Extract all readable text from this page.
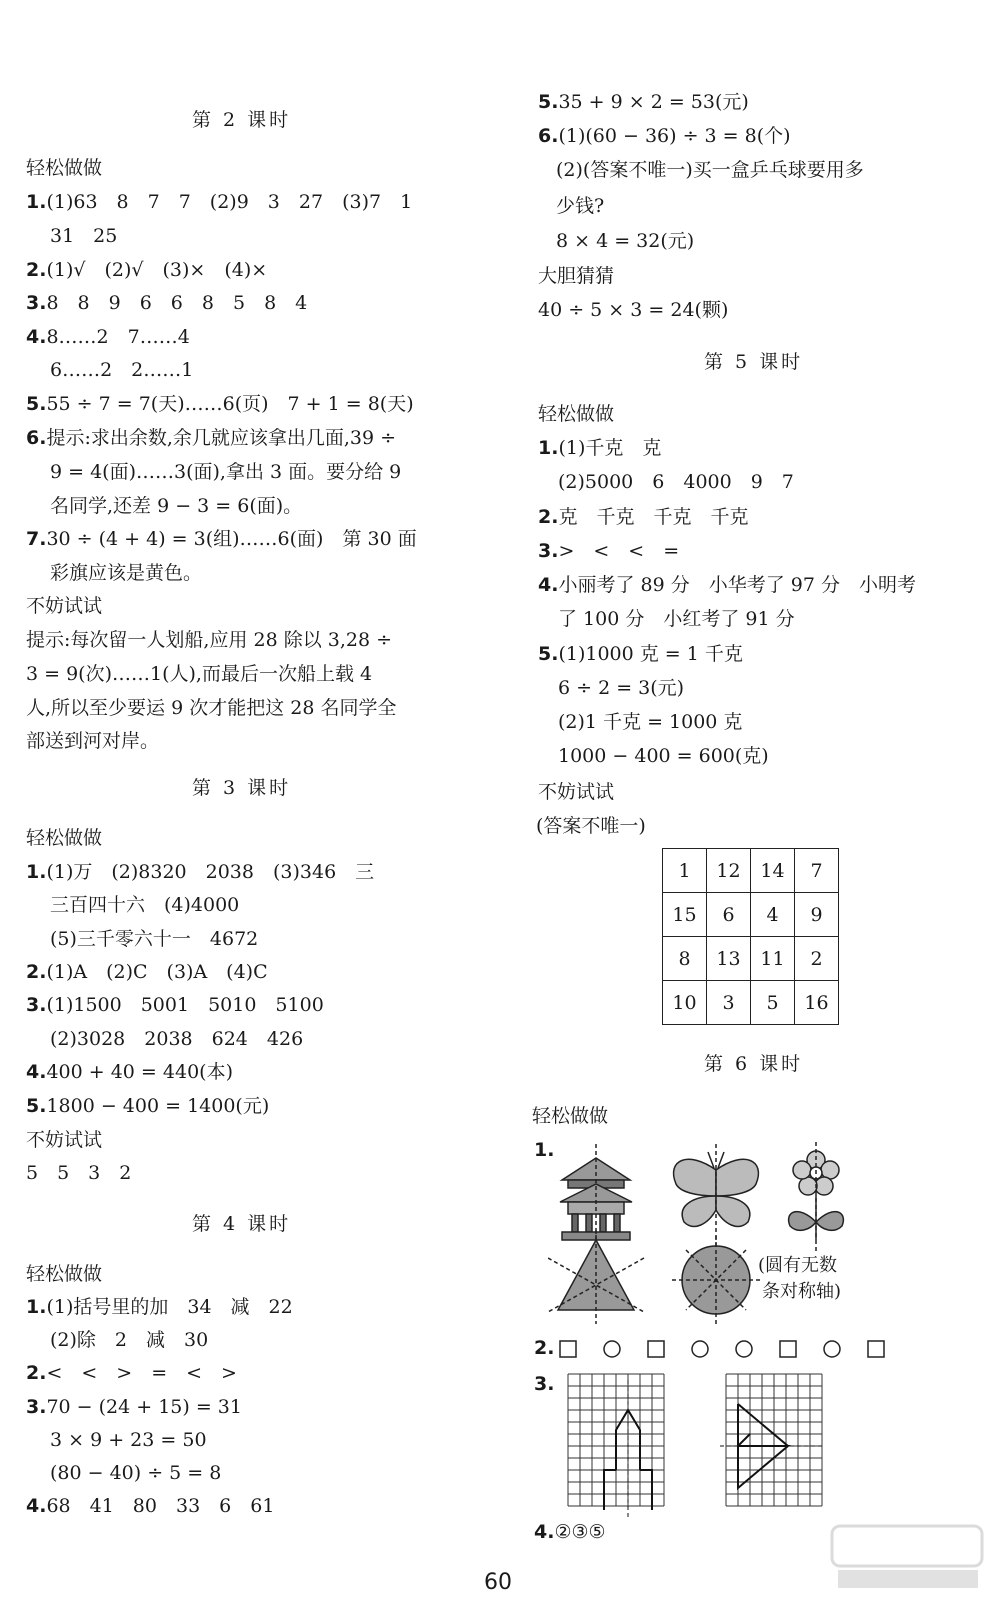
第 2 课时
轻松做做
1.(1)63　8　7　7　(2)9　3　27　(3)7　1
31　25
2.(1)√　(2)√　(3)×　(4)×
3.8　8　9　6　6　8　5　8　4
4.8……2　7……4
6……2　2……1
5.55 ÷ 7 = 7(天)……6(页)　7 + 1 = 8(天)
6.提示:求出余数,余几就应该拿出几面,39 ÷
9 = 4(面)……3(面),拿出 3 面。要分给 9
名同学,还差 9 − 3 = 6(面)。
7.30 ÷ (4 + 4) = 3(组)……6(面)　第 30 面
彩旗应该是黄色。
不妨试试
提示:每次留一人划船,应用 28 除以 3,28 ÷
3 = 9(次)……1(人),而最后一次船上载 4
人,所以至少要运 9 次才能把这 28 名同学全
部送到河对岸。
第 3 课时
轻松做做
1.(1)万　(2)8320　2038　(3)346　三
三百四十六　(4)4000
(5)三千零六十一　4672
2.(1)A　(2)C　(3)A　(4)C
3.(1)1500　5001　5010　5100
(2)3028　2038　624　426
4.400 + 40 = 440(本)
5.1800 − 400 = 1400(元)
不妨试试
5　5　3　2
第 4 课时
轻松做做
1.(1)括号里的加　34　减　22
(2)除　2　减　30
2.<　<　>　=　<　>
3.70 − (24 + 15) = 31
3 × 9 + 23 = 50
(80 − 40) ÷ 5 = 8
4.68　41　80　33　6　61
5.35 + 9 × 2 = 53(元)
6.(1)(60 − 36) ÷ 3 = 8(个)
(2)(答案不唯一)买一盒乒乓球要用多
少钱?
8 × 4 = 32(元)
大胆猜猜
40 ÷ 5 × 3 = 24(颗)
第 5 课时
轻松做做
1.(1)千克　克
(2)5000　6　4000　9　7
2.克　千克　千克　千克
3.>　<　<　=
4.小丽考了 89 分　小华考了 97 分　小明考
了 100 分　小红考了 91 分
5.(1)1000 克 = 1 千克
6 ÷ 2 = 3(元)
(2)1 千克 = 1000 克
1000 − 400 = 600(克)
不妨试试
(答案不唯一)
1	12	14	7
15	6	4	9
8	13	11	2
10	3	5	16
第 6 课时
轻松做做
1.
(圆有无数
条对称轴)
2.
3.
4.②③⑤
60
